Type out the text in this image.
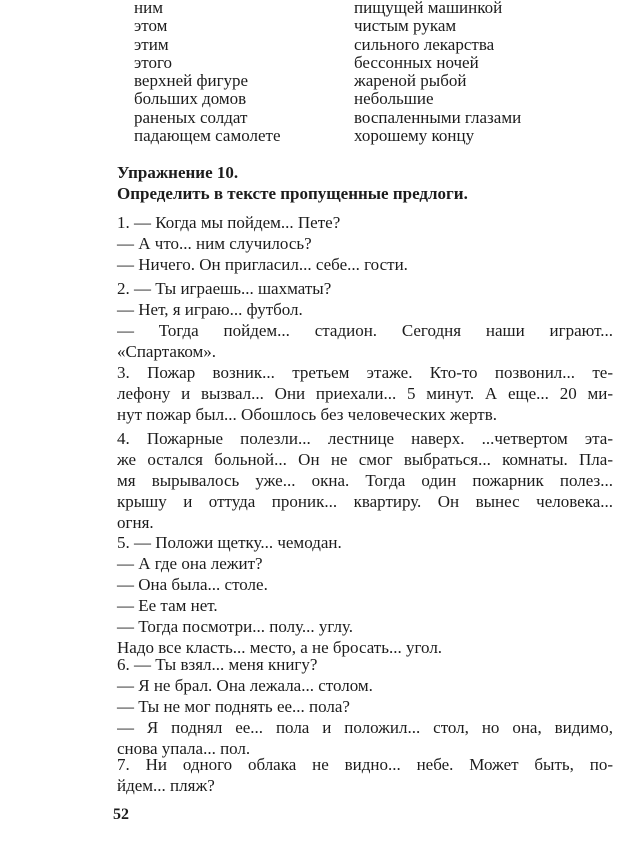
ним	пищущей машинкой
этом	чистым рукам
этим	сильного лекарства
этого	бессонных ночей
верхней фигуре	жареной рыбой
больших домов	небольшие
раненых солдат	воспаленными глазами
падающем самолете	хорошему концу
Упражнение 10.
Определить в тексте пропущенные предлоги.
1. — Когда мы пойдем... Пете?
— А что... ним случилось?
— Ничего. Он пригласил... себе... гости.
2. — Ты играешь... шахматы?
— Нет, я играю... футбол.
— Тогда пойдем... стадион. Сегодня наши играют...
«Спартаком».
3. Пожар возник... третьем этаже. Кто-то позвонил... те-
лефону и вызвал... Они приехали... 5 минут. А еще... 20 ми-
нут пожар был... Обошлось без человеческих жертв.
4. Пожарные полезли... лестнице наверх. ...четвертом эта-
же остался больной... Он не смог выбраться... комнаты. Пла-
мя вырывалось уже... окна. Тогда один пожарник полез...
крышу и оттуда проник... квартиру. Он вынес человека...
огня.
5. — Положи щетку... чемодан.
— А где она лежит?
— Она была... столе.
— Ее там нет.
— Тогда посмотри... полу... углу.
Надо все класть... место, а не бросать... угол.
6. — Ты взял... меня книгу?
— Я не брал. Она лежала... столом.
— Ты не мог поднять ее... пола?
— Я поднял ее... пола и положил... стол, но она, видимо,
снова упала... пол.
7. Ни одного облака не видно... небе. Может быть, по-
йдем... пляж?
52
